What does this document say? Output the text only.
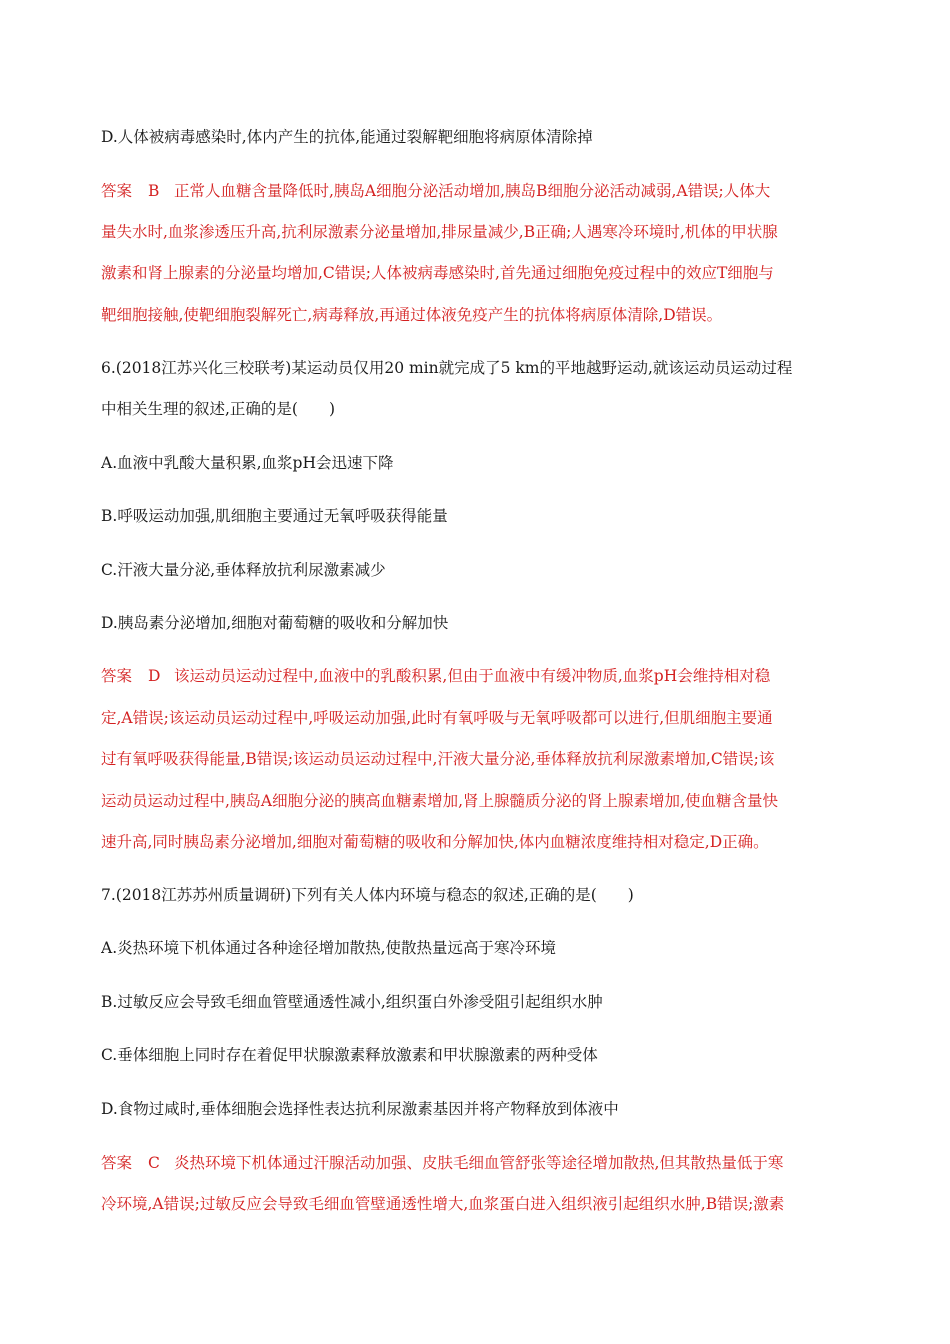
D.人体被病毒感染时,体内产生的抗体,能通过裂解靶细胞将病原体清除掉
答案 B 正常人血糖含量降低时,胰岛A细胞分泌活动增加,胰岛B细胞分泌活动减弱,A错误;人体大
量失水时,血浆渗透压升高,抗利尿激素分泌量增加,排尿量减少,B正确;人遇寒冷环境时,机体的甲状腺
激素和肾上腺素的分泌量均增加,C错误;人体被病毒感染时,首先通过细胞免疫过程中的效应T细胞与
靶细胞接触,使靶细胞裂解死亡,病毒释放,再通过体液免疫产生的抗体将病原体清除,D错误。
6.(2018江苏兴化三校联考)某运动员仅用20 min就完成了5 km的平地越野运动,就该运动员运动过程
中相关生理的叙述,正确的是(　　)
A.血液中乳酸大量积累,血浆pH会迅速下降
B.呼吸运动加强,肌细胞主要通过无氧呼吸获得能量
C.汗液大量分泌,垂体释放抗利尿激素减少
D.胰岛素分泌增加,细胞对葡萄糖的吸收和分解加快
答案 D 该运动员运动过程中,血液中的乳酸积累,但由于血液中有缓冲物质,血浆pH会维持相对稳
定,A错误;该运动员运动过程中,呼吸运动加强,此时有氧呼吸与无氧呼吸都可以进行,但肌细胞主要通
过有氧呼吸获得能量,B错误;该运动员运动过程中,汗液大量分泌,垂体释放抗利尿激素增加,C错误;该
运动员运动过程中,胰岛A细胞分泌的胰高血糖素增加,肾上腺髓质分泌的肾上腺素增加,使血糖含量快
速升高,同时胰岛素分泌增加,细胞对葡萄糖的吸收和分解加快,体内血糖浓度维持相对稳定,D正确。
7.(2018江苏苏州质量调研)下列有关人体内环境与稳态的叙述,正确的是(　　)
A.炎热环境下机体通过各种途径增加散热,使散热量远高于寒冷环境
B.过敏反应会导致毛细血管壁通透性减小,组织蛋白外渗受阻引起组织水肿
C.垂体细胞上同时存在着促甲状腺激素释放激素和甲状腺激素的两种受体
D.食物过咸时,垂体细胞会选择性表达抗利尿激素基因并将产物释放到体液中
答案 C 炎热环境下机体通过汗腺活动加强、皮肤毛细血管舒张等途径增加散热,但其散热量低于寒
冷环境,A错误;过敏反应会导致毛细血管壁通透性增大,血浆蛋白进入组织液引起组织水肿,B错误;激素
